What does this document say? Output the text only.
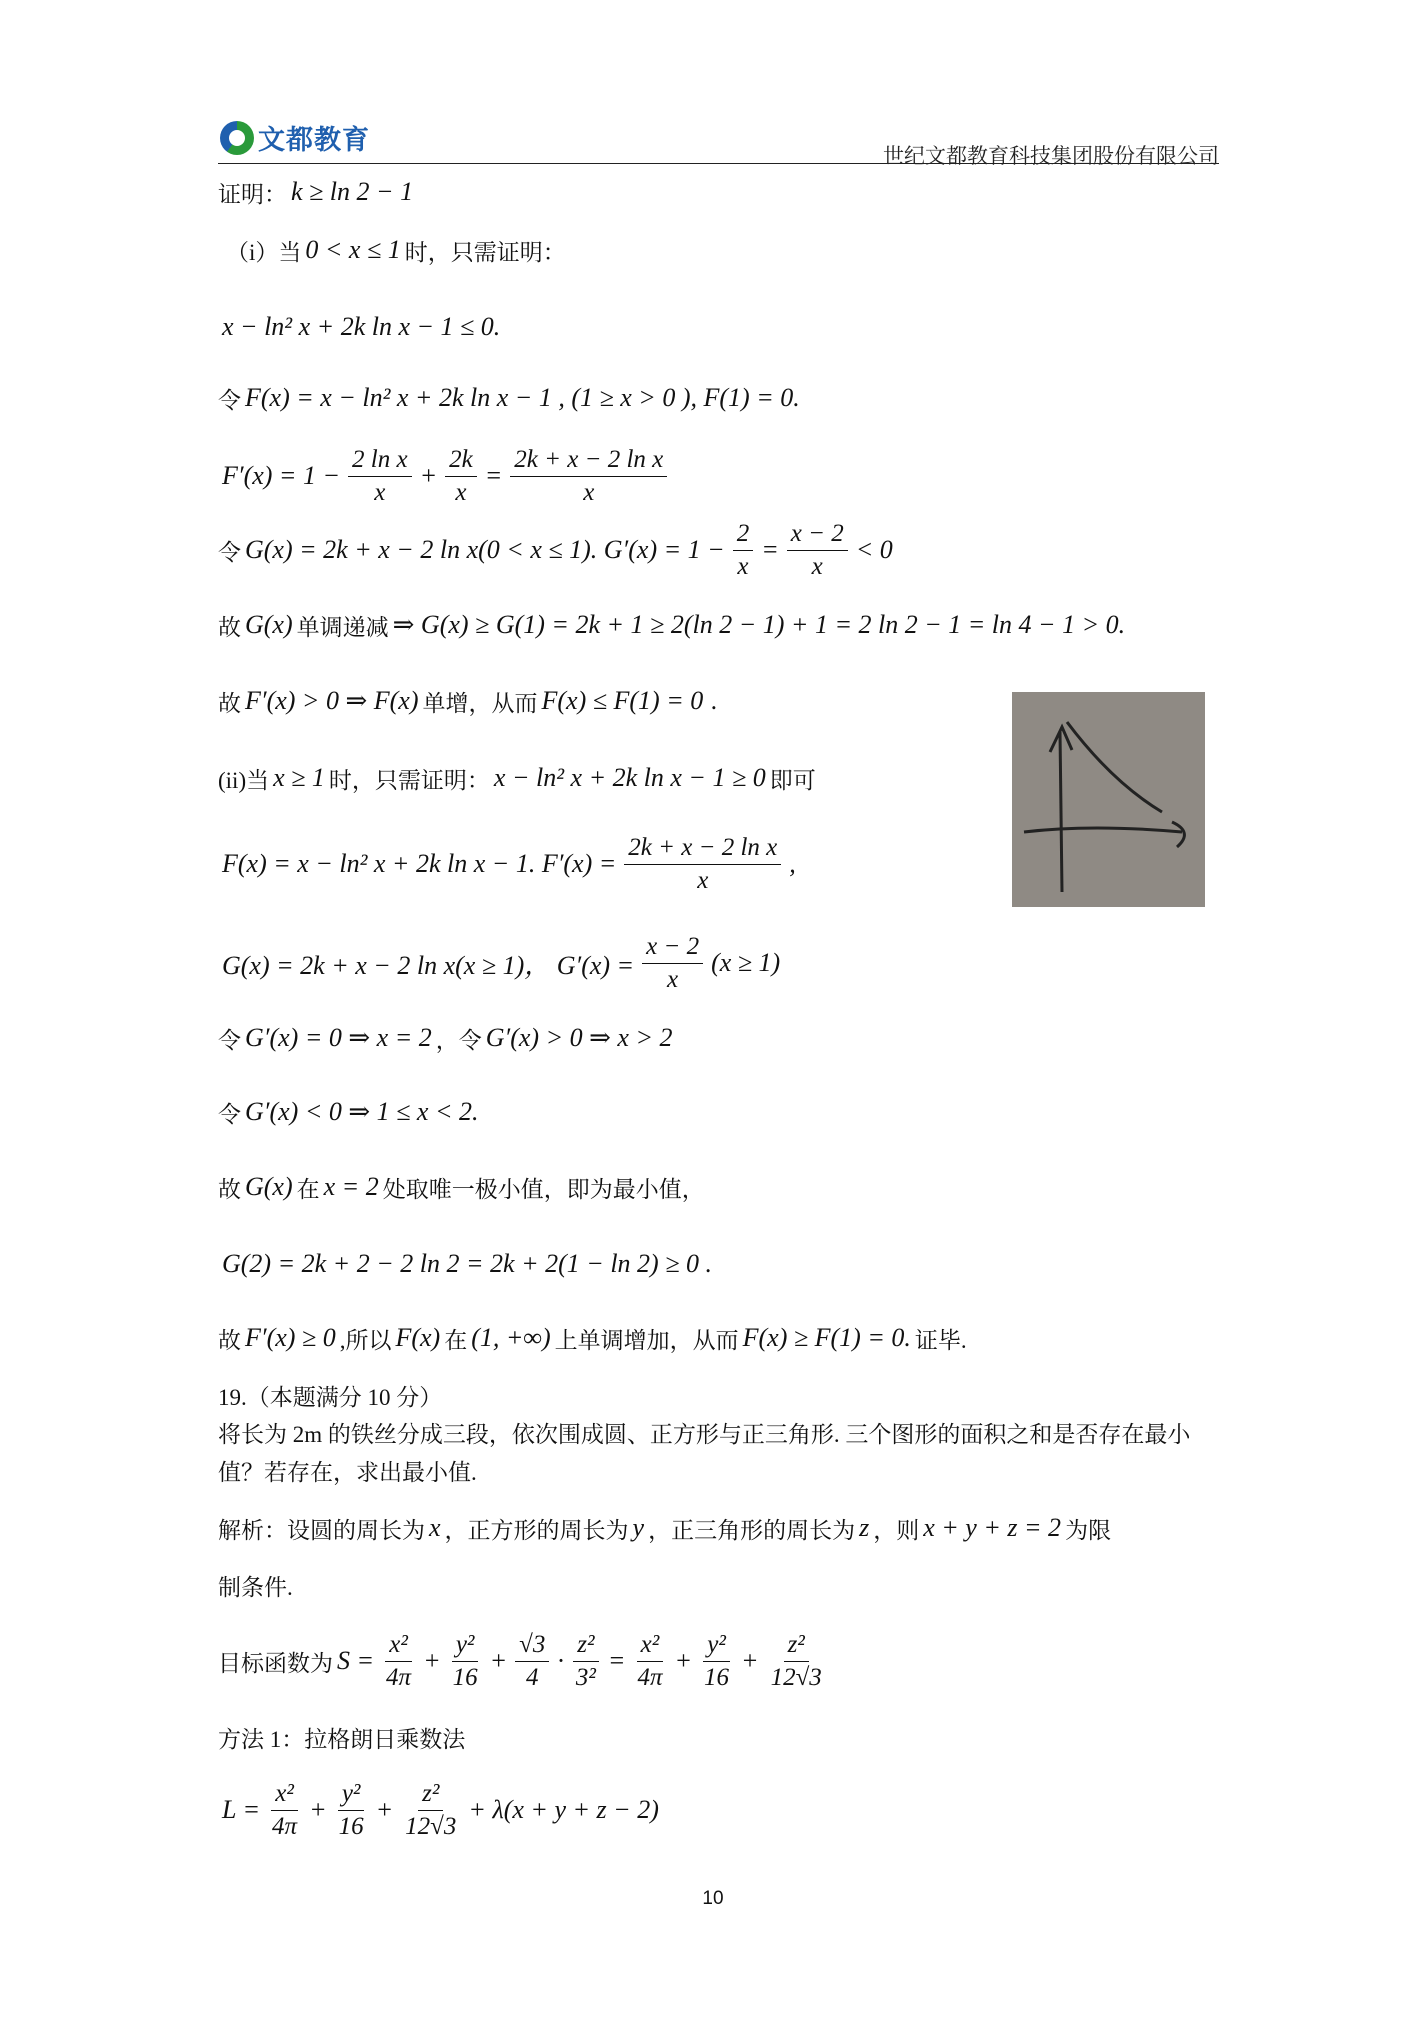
文都教育	世纪文都教育科技集团股份有限公司
证明： k ≥ ln 2 − 1
（i）当 0 < x ≤ 1 时，只需证明：
x − ln² x + 2k ln x − 1 ≤ 0.
令 F(x) = x − ln² x + 2k ln x − 1 , (1 ≥ x > 0 ), F(1) = 0.
$F'(x) = 1 - \frac{\text{2 ln x}}{x} + \frac{2k}{x} = \frac{\text{2k + x − 2 ln x}}{x}$
令 G(x) = 2k + x − 2 ln x(0 < x ≤ 1). $G'(x) = 1 - \frac{2}{x} = \frac{x - 2}{x} < 0$
故 G(x) 单调递减 ⇒ G(x) ≥ G(1) = 2k + 1 ≥ 2(ln 2 − 1) + 1 = 2 ln 2 − 1 = ln 4 − 1 > 0.
故 F′(x) > 0 ⇒ F(x) 单增，从而 F(x) ≤ F(1) = 0 .
(ii)当 x ≥ 1 时，只需证明： x − ln² x + 2k ln x − 1 ≥ 0 即可
F(x) = x − ln² x + 2k ln x − 1. $F'(x) = \frac{\text{2k + x − 2 ln x}}{x}$ ,
G(x) = 2k + x − 2 ln x(x ≥ 1)， $G'(x) = \frac{x - 2}{x} (x \ge 1)$
令 G′(x) = 0 ⇒ x = 2 ，令 G′(x) > 0 ⇒ x > 2
令 G′(x) < 0 ⇒ 1 ≤ x < 2.
故 G(x) 在 x = 2 处取唯一极小值，即为最小值，
G(2) = 2k + 2 − 2 ln 2 = 2k + 2(1 − ln 2) ≥ 0 .
故 F′(x) ≥ 0 ,所以 F(x) 在 (1, +∞) 上单调增加，从而 F(x) ≥ F(1) = 0. 证毕.
19.（本题满分 10 分）
将长为 2m 的铁丝分成三段，依次围成圆、正方形与正三角形. 三个图形的面积之和是否存在最小值？若存在，求出最小值.
解析：设圆的周长为 x ，正方形的周长为 y ，正三角形的周长为 z ，则 x + y + z = 2 为限
制条件.
目标函数为 $S = \frac{\text{x²}}{4\pi} + \frac{\text{y²}}{16} + \frac{√3}{4} \cdot \frac{\text{z²}}{\text{3²}} = \frac{\text{x²}}{4\pi} + \frac{\text{y²}}{16} + \frac{\text{z²}}{12√3}$
方法 1：拉格朗日乘数法
$L = \frac{\text{x²}}{4\pi} + \frac{\text{y²}}{16} + \frac{\text{z²}}{12√3} + \lambda(x + y + z - 2)$
10
